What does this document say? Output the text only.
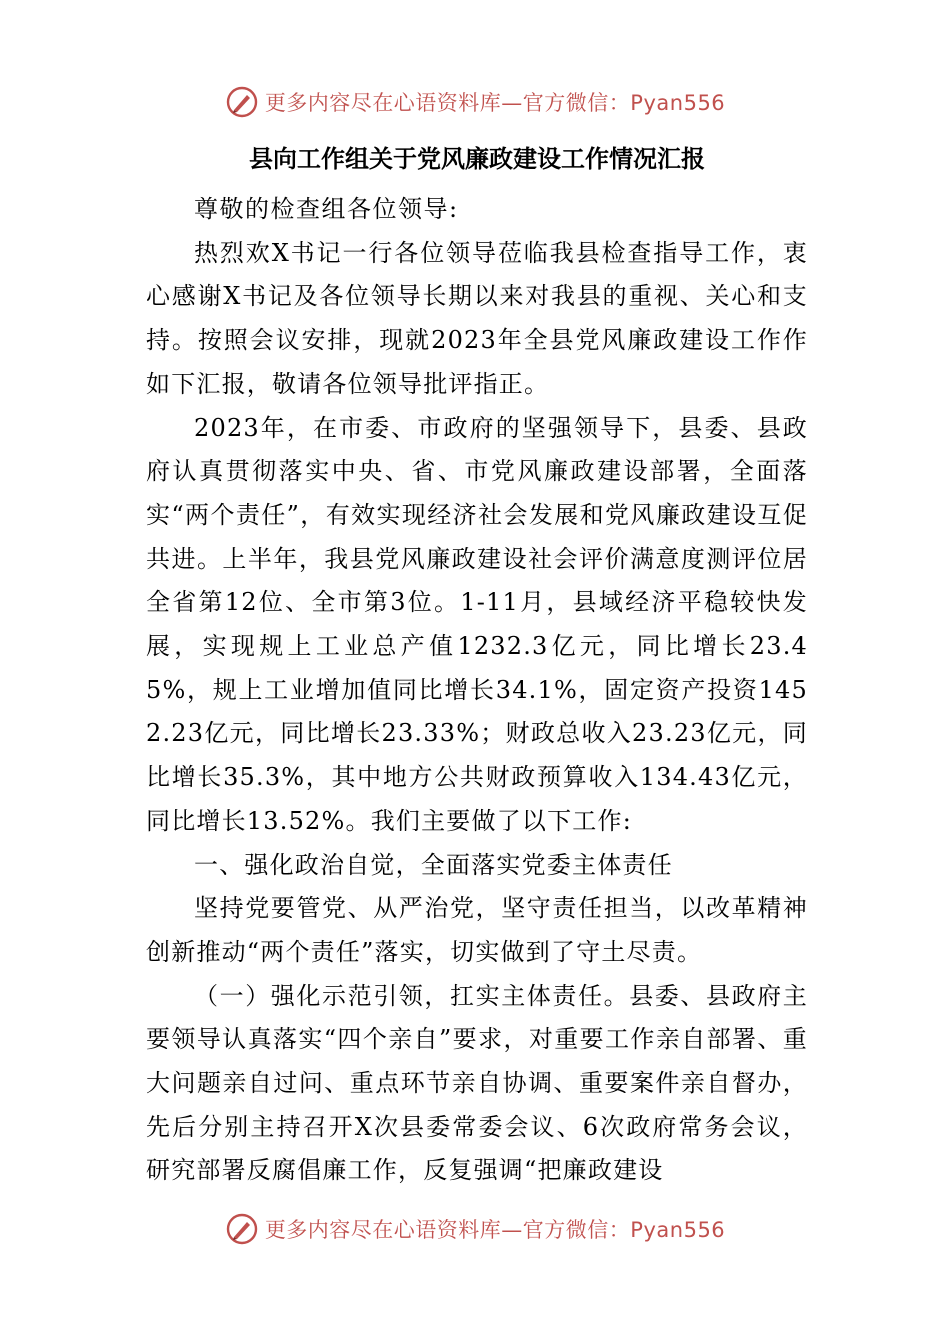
更多内容尽在心语资料库—官方微信：Pyan556
县向工作组关于党风廉政建设工作情况汇报

尊敬的检查组各位领导:

热烈欢X书记一行各位领导莅临我县检查指导工作，衷心感谢X书记及各位领导长期以来对我县的重视、关心和支持。按照会议安排，现就2023年全县党风廉政建设工作作如下汇报，敬请各位领导批评指正。

2023年，在市委、市政府的坚强领导下，县委、县政府认真贯彻落实中央、省、市党风廉政建设部署，全面落实“两个责任”，有效实现经济社会发展和党风廉政建设互促共进。上半年，我县党风廉政建设社会评价满意度测评位居全省第12位、全市第3位。1-11月，县域经济平稳较快发展，实现规上工业总产值1232.3亿元，同比增长23.45%，规上工业增加值同比增长34.1%，固定资产投资1452.23亿元，同比增长23.33%；财政总收入23.23亿元，同比增长35.3%，其中地方公共财政预算收入134.43亿元，同比增长13.52%。我们主要做了以下工作:

一、强化政治自觉，全面落实党委主体责任

坚持党要管党、从严治党，坚守责任担当，以改革精神创新推动“两个责任”落实，切实做到了守土尽责。

（一）强化示范引领，扛实主体责任。县委、县政府主要领导认真落实“四个亲自”要求，对重要工作亲自部署、重大问题亲自过问、重点环节亲自协调、重要案件亲自督办，先后分别主持召开X次县委常委会议、6次政府常务会议，研究部署反腐倡廉工作，反复强调“把廉政建设

更多内容尽在心语资料库—官方微信：Pyan556
